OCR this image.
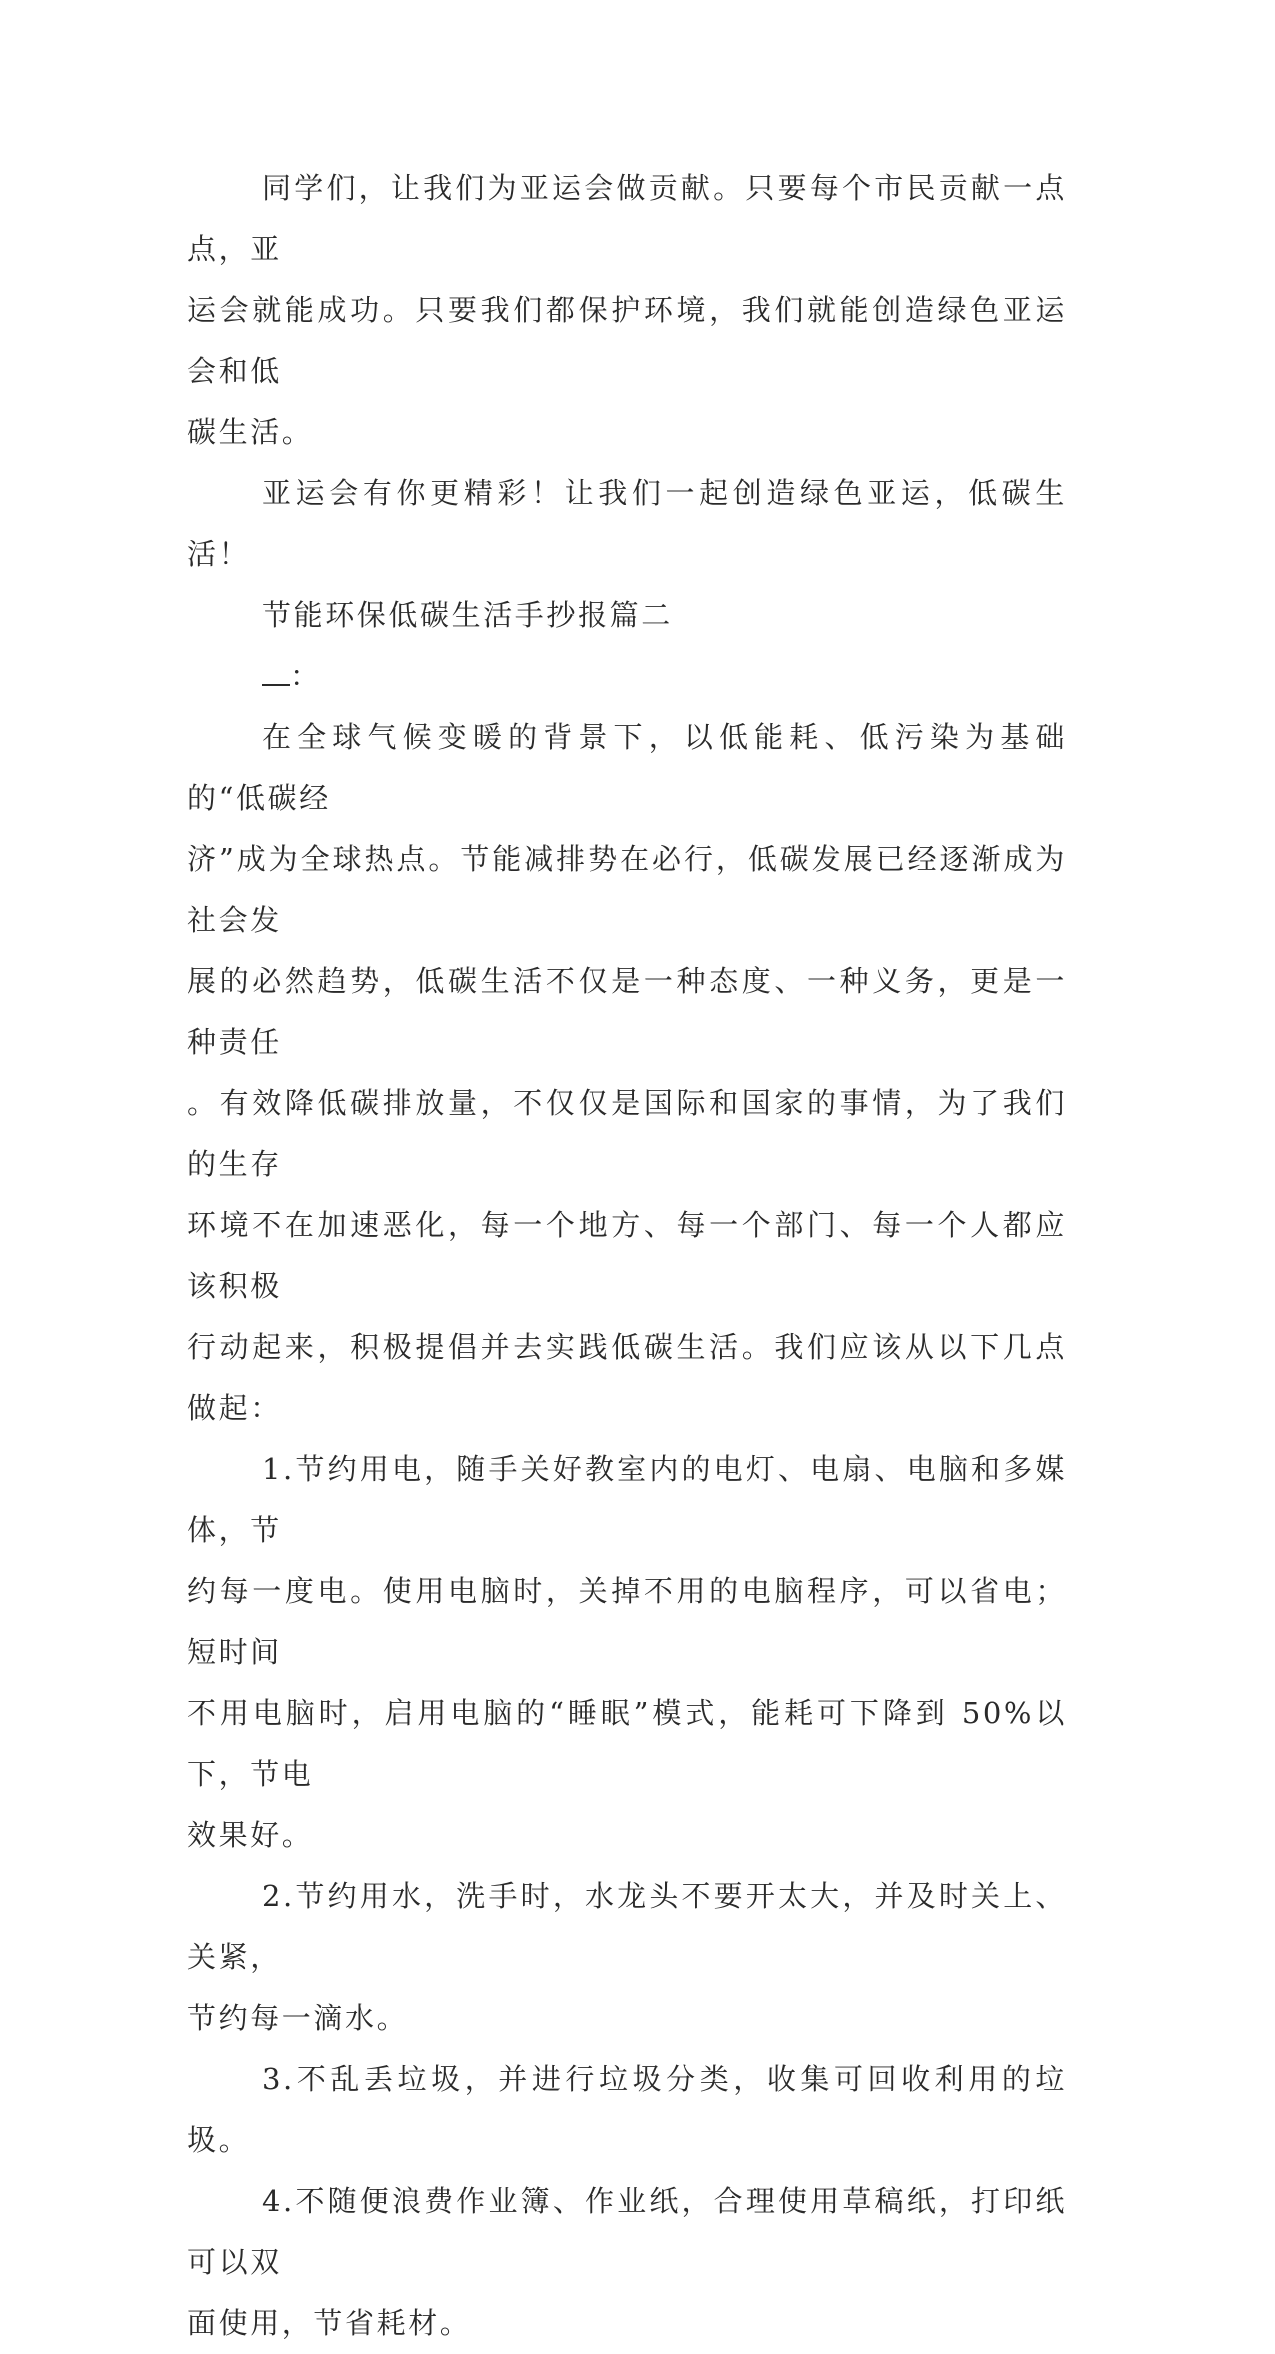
同学们，让我们为亚运会做贡献。只要每个市民贡献一点点，亚
运会就能成功。只要我们都保护环境，我们就能创造绿色亚运会和低
碳生活。

亚运会有你更精彩！让我们一起创造绿色亚运，低碳生活！

节能环保低碳生活手抄报篇二

：

在全球气候变暖的背景下，以低能耗、低污染为基础的“低碳经
济”成为全球热点。节能减排势在必行，低碳发展已经逐渐成为社会发
展的必然趋势，低碳生活不仅是一种态度、一种义务，更是一种责任
。有效降低碳排放量，不仅仅是国际和国家的事情，为了我们的生存
环境不在加速恶化，每一个地方、每一个部门、每一个人都应该积极
行动起来，积极提倡并去实践低碳生活。我们应该从以下几点做起：

1.节约用电，随手关好教室内的电灯、电扇、电脑和多媒体，节
约每一度电。使用电脑时，关掉不用的电脑程序，可以省电；短时间
不用电脑时，启用电脑的“睡眠”模式，能耗可下降到 50%以下，节电
效果好。

2.节约用水，洗手时，水龙头不要开太大，并及时关上、关紧，
节约每一滴水。

3.不乱丢垃圾，并进行垃圾分类，收集可回收利用的垃圾。

4.不随便浪费作业簿、作业纸，合理使用草稿纸，打印纸可以双
面使用，节省耗材。
